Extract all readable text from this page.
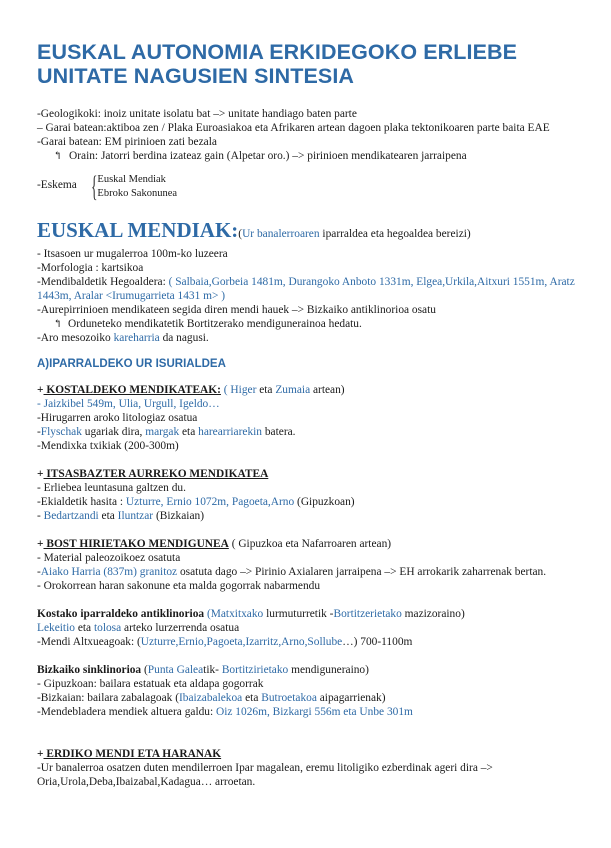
EUSKAL AUTONOMIA ERKIDEGOKO ERLIEBE UNITATE NAGUSIEN SINTESIA

-Geologikoki: inoiz unitate isolatu bat –> unitate handiago baten parte

– Garai batean:aktiboa zen / Plaka Euroasiakoa eta Afrikaren artean dagoen plaka tektonikoaren parte baita EAE

-Garai batean: EM pirinioen zati bezala

↰ Orain: Jatorri berdina izateaz gain (Alpetar oro.) –> pirinioen mendikatearen jarraipena

-Eskema { Euskal Mendiak
Ebroko Sakonunea
EUSKAL MENDIAK:(Ur banalerroaren iparraldea eta hegoaldea bereizi)

- Itsasoen ur mugalerroa 100m-ko luzeera

-Morfologia : kartsikoa

-Mendibaldetik Hegoaldera: ( Salbaia,Gorbeia 1481m, Durangoko Anboto 1331m, Elgea,Urkila,Aitxuri 1551m, Aratz 1443m, Aralar <Irumugarrieta 1431 m> )

-Aurepirrinioen mendikateen segida diren mendi hauek –> Bizkaiko antiklinorioa osatu

↰ Orduneteko mendikatetik Bortitzerako mendigunerainoa hedatu.

-Aro mesozoiko kareharria da nagusi.

A)IPARRALDEKO UR ISURIALDEA

+ KOSTALDEKO MENDIKATEAK: ( Higer eta Zumaia artean)

- Jaizkibel 549m, Ulia, Urgull, Igeldo…

-Hirugarren aroko litologiaz osatua

-Flyschak ugariak dira, margak eta harearriarekin batera.

-Mendixka txikiak (200-300m)

+ ITSASBAZTER AURREKO MENDIKATEA

- Erliebea leuntasuna galtzen du.

-Ekialdetik hasita : Uzturre, Ernio 1072m, Pagoeta,Arno (Gipuzkoan)

- Bedartzandi eta Iluntzar (Bizkaian)

+ BOST HIRIETAKO MENDIGUNEA ( Gipuzkoa eta Nafarroaren artean)

- Material paleozoikoez osatuta

-Aiako Harria (837m) granitoz osatuta dago –> Pirinio Axialaren jarraipena –> EH arrokarik zaharrenak bertan.

- Orokorrean haran sakonune eta malda gogorrak nabarmendu

Kostako iparraldeko antiklinorioa (Matxitxako lurmuturretik -Bortitzerietako mazizoraino)

Lekeitio eta tolosa arteko lurzerrenda osatua

-Mendi Altxueagoak: (Uzturre,Ernio,Pagoeta,Izarritz,Arno,Sollube…) 700-1100m

Bizkaiko sinklinorioa (Punta Galeatik- Bortitzirietako mendiguneraino)

- Gipuzkoan: bailara estatuak eta aldapa gogorrak

-Bizkaian: bailara zabalagoak (Ibaizabalekoa eta Butroetakoa aipagarrienak)

-Mendebladera mendiek altuera galdu: Oiz 1026m, Bizkargi 556m eta Unbe 301m

+ ERDIKO MENDI ETA HARANAK

-Ur banalerroa osatzen duten mendilerroen Ipar magalean, eremu litoligiko ezberdinak ageri dira –> Oria,Urola,Deba,Ibaizabal,Kadagua… arroetan.
